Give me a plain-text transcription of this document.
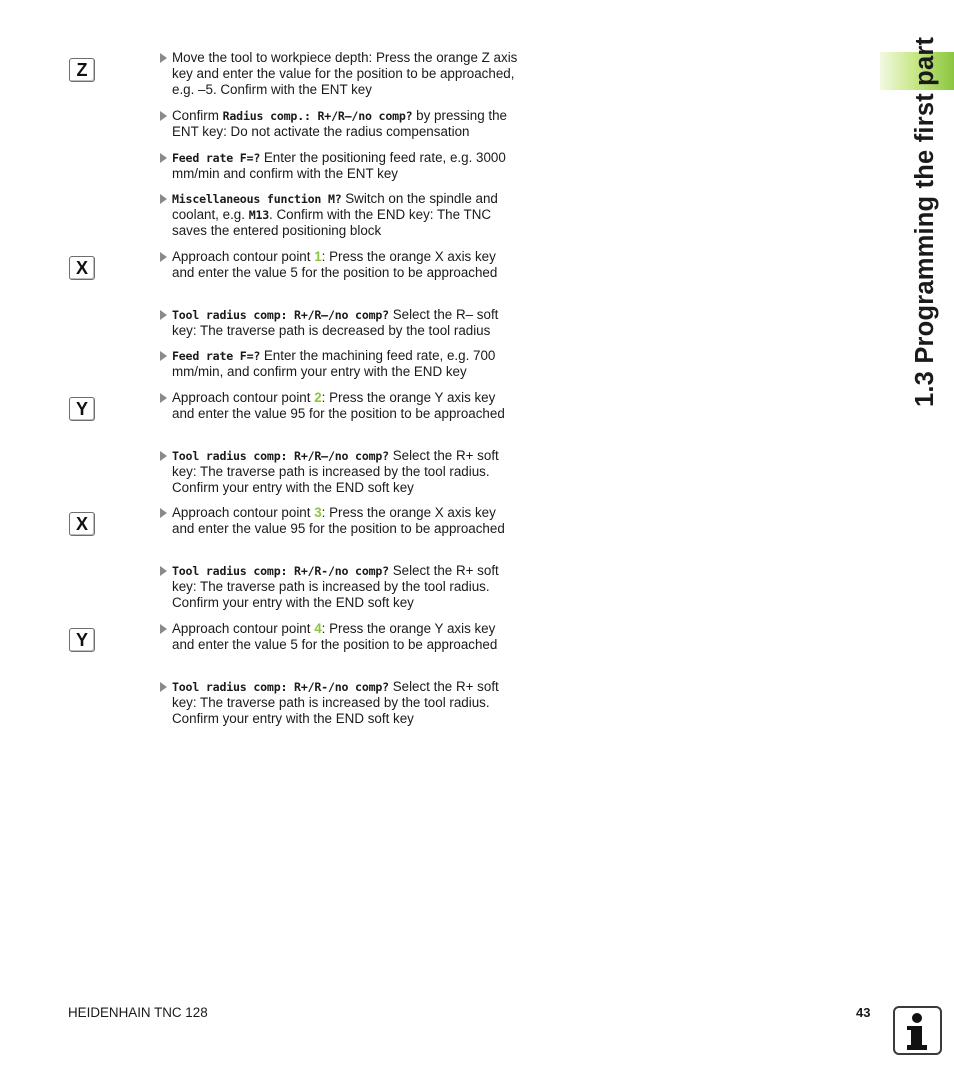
1.3 Programming the first part
Z
X
Y
X
Y
Move the tool to workpiece depth: Press the orange Z axis key and enter the value for the position to be approached, e.g. –5. Confirm with the ENT key
Confirm Radius comp.: R+/R–/no comp? by pressing the ENT key: Do not activate the radius compensation
Feed rate F=? Enter the positioning feed rate, e.g. 3000 mm/min and confirm with the ENT key
Miscellaneous function M? Switch on the spindle and coolant, e.g. M13. Confirm with the END key: The TNC saves the entered positioning block
Approach contour point 1: Press the orange X axis key and enter the value 5 for the position to be approached
Tool radius comp: R+/R–/no comp? Select the R– soft key: The traverse path is decreased by the tool radius
Feed rate F=? Enter the machining feed rate, e.g. 700 mm/min, and confirm your entry with the END key
Approach contour point 2: Press the orange Y axis key and enter the value 95 for the position to be approached
Tool radius comp: R+/R–/no comp? Select the R+ soft key: The traverse path is increased by the tool radius. Confirm your entry with the END soft key
Approach contour point 3: Press the orange X axis key and enter the value 95 for the position to be approached
Tool radius comp: R+/R-/no comp? Select the R+ soft key: The traverse path is increased by the tool radius. Confirm your entry with the END soft key
Approach contour point 4: Press the orange Y axis key and enter the value 5 for the position to be approached
Tool radius comp: R+/R-/no comp? Select the R+ soft key: The traverse path is increased by the tool radius. Confirm your entry with the END soft key
HEIDENHAIN TNC 128	43
